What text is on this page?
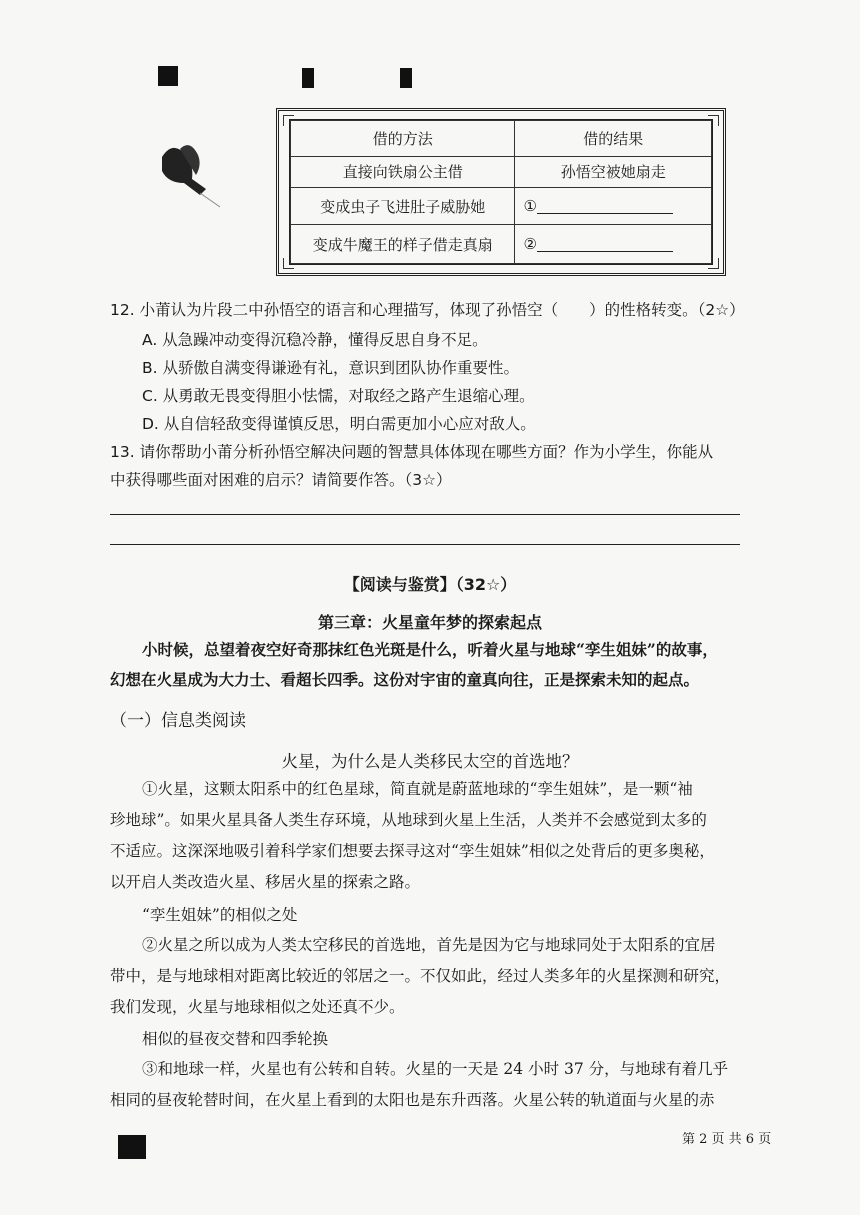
借的方法	借的结果
直接向铁扇公主借	孙悟空被她扇走
变成虫子飞进肚子威胁她	①
变成牛魔王的样子借走真扇	②
12. 小莆认为片段二中孙悟空的语言和心理描写，体现了孙悟空（　　）的性格转变。（2☆）
A. 从急躁冲动变得沉稳冷静，懂得反思自身不足。
B. 从骄傲自满变得谦逊有礼，意识到团队协作重要性。
C. 从勇敢无畏变得胆小怯懦，对取经之路产生退缩心理。
D. 从自信轻敌变得谨慎反思，明白需更加小心应对敌人。
13. 请你帮助小莆分析孙悟空解决问题的智慧具体体现在哪些方面？作为小学生，你能从
中获得哪些面对困难的启示？请简要作答。（3☆）
【阅读与鉴赏】（32☆）
第三章：火星童年梦的探索起点
小时候，总望着夜空好奇那抹红色光斑是什么，听着火星与地球“孪生姐妹”的故事，
幻想在火星成为大力士、看超长四季。这份对宇宙的童真向往，正是探索未知的起点。
（一）信息类阅读
火星，为什么是人类移民太空的首选地？
①火星，这颗太阳系中的红色星球，简直就是蔚蓝地球的“孪生姐妹”，是一颗“袖
珍地球”。如果火星具备人类生存环境，从地球到火星上生活，人类并不会感觉到太多的
不适应。这深深地吸引着科学家们想要去探寻这对“孪生姐妹”相似之处背后的更多奥秘，
以开启人类改造火星、移居火星的探索之路。
“孪生姐妹”的相似之处
②火星之所以成为人类太空移民的首选地，首先是因为它与地球同处于太阳系的宜居
带中，是与地球相对距离比较近的邻居之一。不仅如此，经过人类多年的火星探测和研究，
我们发现，火星与地球相似之处还真不少。
相似的昼夜交替和四季轮换
③和地球一样，火星也有公转和自转。火星的一天是 24 小时 37 分，与地球有着几乎
相同的昼夜轮替时间，在火星上看到的太阳也是东升西落。火星公转的轨道面与火星的赤
第 2 页 共 6 页
